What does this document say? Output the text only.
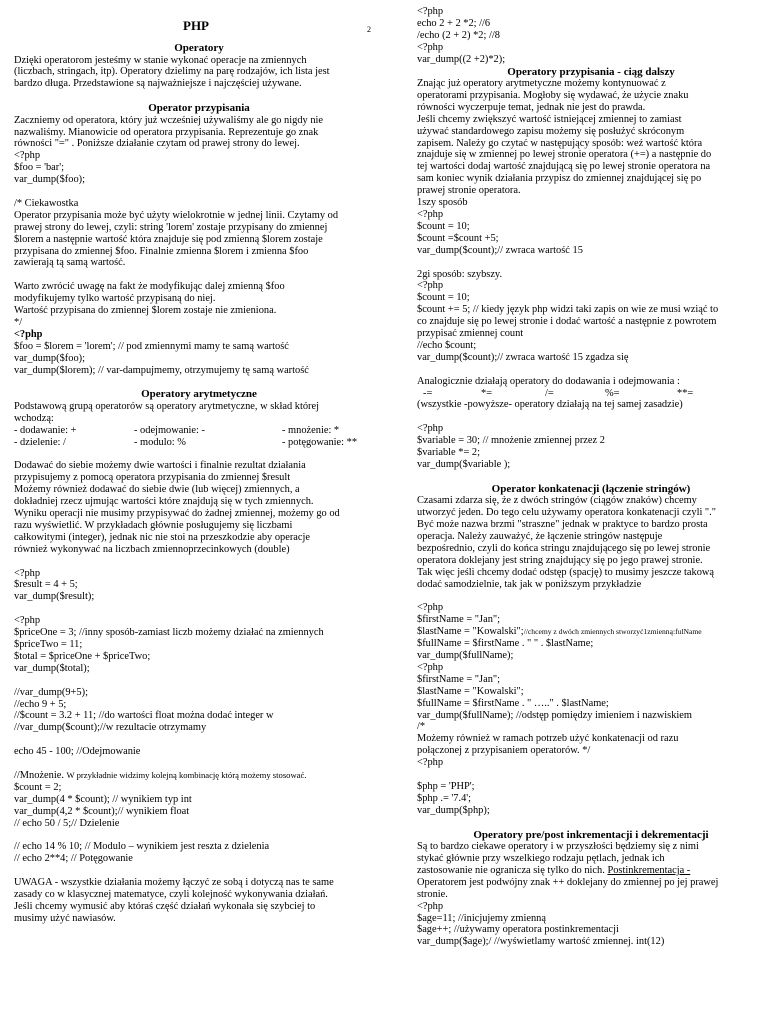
PHP	2
Operatory
Dzięki operatorom jesteśmy w stanie wykonać operacje na zmiennych
(liczbach, stringach, itp). Operatory dzielimy na parę rodzajów, ich lista jest
bardzo długa. Przedstawione są najważniejsze i najczęściej używane.
Operator przypisania
Zaczniemy od operatora, który już wcześniej używaliśmy ale go nigdy nie
nazwaliśmy. Mianowicie od operatora przypisania. Reprezentuje go znak
równości "=" . Poniższe działanie czytam od prawej strony do lewej.
<?php
$foo = 'bar';
var_dump($foo);
/* Ciekawostka
Operator przypisania może być użyty wielokrotnie w jednej linii. Czytamy od
prawej strony do lewej, czyli: string 'lorem' zostaje przypisany do zmiennej
$lorem a następnie wartość która znajduje się pod zmienną $lorem zostaje
przypisana do zmiennej $foo. Finalnie zmienna $lorem i zmienna $foo
zawierają tą samą wartość.
Warto zwrócić uwagę na fakt że modyfikując dalej zmienną $foo
modyfikujemy tylko wartość przypisaną do niej.
Wartość przypisana do zmiennej $lorem zostaje nie zmieniona.
*/
<?php
$foo = $lorem = 'lorem'; // pod zmiennymi mamy te samą wartość
var_dump($foo);
var_dump($lorem); // var-dampujmemy, otrzymujemy tę samą wartość
Operatory arytmetyczne
Podstawową grupą operatorów są operatory arytmetyczne, w skład której
wchodzą:
- dodawanie: +	- odejmowanie: -	- mnożenie: *
- dzielenie: /	- modulo: %	- potęgowanie: **
Dodawać do siebie możemy dwie wartości i finalnie rezultat działania
przypisujemy z pomocą operatora przypisania do zmiennej $result
Możemy również dodawać do siebie dwie (lub więcej) zmiennych, a
dokładniej rzecz ujmując wartości które znajdują się w tych zmiennych.
Wyniku operacji nie musimy przypisywać do żadnej zmiennej, możemy go od
razu wyświetlić. W przykładach głównie posługujemy się liczbami
całkowitymi (integer), jednak nic nie stoi na przeszkodzie aby operacje
również wykonywać na liczbach zmiennoprzecinkowych (double)
<?php
$result = 4 + 5;
var_dump($result);
<?php
$priceOne = 3; //inny sposób-zamiast liczb możemy działać na zmiennych
$priceTwo = 11;
$total = $priceOne + $priceTwo;
var_dump($total);
//var_dump(9+5);
//echo 9 + 5;
//$count = 3.2 + 11; //do wartości float można dodać integer w
//var_dump($count);//w rezultacie otrzymamy
echo 45 - 100; //Odejmowanie
//Mnożenie. W przykładnie widzimy kolejną kombinację którą możemy stosować.
$count = 2;
var_dump(4 * $count); // wynikiem typ int
var_dump(4,2 * $count);// wynikiem float
// echo 50 / 5;// Dzielenie
// echo 14 % 10; // Modulo – wynikiem jest reszta z dzielenia
// echo 2**4; // Potęgowanie
UWAGA - wszystkie działania możemy łączyć ze sobą i dotyczą nas te same
zasady co w klasycznej matematyce, czyli kolejność wykonywania działań.
Jeśli chcemy wymusić aby któraś część działań wykonała się szybciej to
musimy użyć nawiasów.
<?php
echo 2 + 2 *2; //6
/echo (2 + 2) *2; //8
<?php
var_dump((2 +2)*2);
Operatory przypisania - ciąg dalszy
Znając już operatory arytmetyczne możemy kontynuować z
operatorami przypisania. Mogłoby się wydawać, że użycie znaku
równości wyczerpuje temat, jednak nie jest do prawda.
Jeśli chcemy zwiększyć wartość istniejącej zmiennej to zamiast
używać standardowego zapisu możemy się posłużyć skróconym
zapisem. Należy go czytać w następujący sposób: weź wartość która
znajduje się w zmiennej po lewej stronie operatora (+=) a następnie do
tej wartości dodaj wartość znajdującą się po lewej stronie operatora na
sam koniec wynik działania przypisz do zmiennej znajdującej się po
prawej stronie operatora.
1szy sposób
<?php
$count = 10;
$count =$count +5;
var_dump($count);// zwraca wartość 15
2gi sposób: szybszy.
<?php
$count = 10;
$count += 5; // kiedy język php widzi taki zapis on wie ze musi wziąć to
co znajduje się po lewej stronie i dodać wartość a następnie z powrotem
przypisać zmiennej count
//echo $count;
var_dump($count);// zwraca wartość 15 zgadza się
Analogicznie działają operatory do dodawania i odejmowania :
-=	*=	/=	%=	**=
(wszystkie -powyższe- operatory działają na tej samej zasadzie)
<?php
$variable = 30; // mnożenie zmiennej przez 2
$variable *= 2;
var_dump($variable );
Operator konkatenacji (łączenie stringów)
Czasami zdarza się, że z dwóch stringów (ciągów znaków) chcemy
utworzyć jeden. Do tego celu używamy operatora konkatenacji czyli "."
Być może nazwa brzmi "straszne" jednak w praktyce to bardzo prosta
operacja. Należy zauważyć, że łączenie stringów następuje
bezpośrednio, czyli do końca stringu znajdującego się po lewej stronie
operatora doklejany jest string znajdujący się po jego prawej stronie.
Tak więc jeśli chcemy dodać odstęp (spację) to musimy jeszcze takową
dodać samodzielnie, tak jak w poniższym przykładzie
<?php
$firstName = "Jan";
$lastName = "Kowalski";//chcemy z dwóch zmiennych stworzyć1zmienną:fulName
$fullName = $firstName . " " . $lastName;
var_dump($fullName);
<?php
$firstName = "Jan";
$lastName = "Kowalski";
$fullName = $firstName . " ….." . $lastName;
var_dump($fullName); //odstęp pomiędzy imieniem i nazwiskiem
/*
Możemy również w ramach potrzeb użyć konkatenacji od razu
połączonej z przypisaniem operatorów. */
<?php
$php = 'PHP';
$php .= '7.4';
var_dump($php);
Operatory pre/post inkrementacji i dekrementacji
Są to bardzo ciekawe operatory i w przyszłości będziemy się z nimi
stykać głównie przy wszelkiego rodzaju pętlach, jednak ich
zastosowanie nie ogranicza się tylko do nich. Postinkrementacja -
Operatorem jest podwójny znak ++ doklejany do zmiennej po jej prawej
stronie.
<?php
$age=11; //inicjujemy zmienną
$age++; //używamy operatora postinkrementacji
var_dump($age);/ //wyświetlamy wartość zmiennej. int(12)
